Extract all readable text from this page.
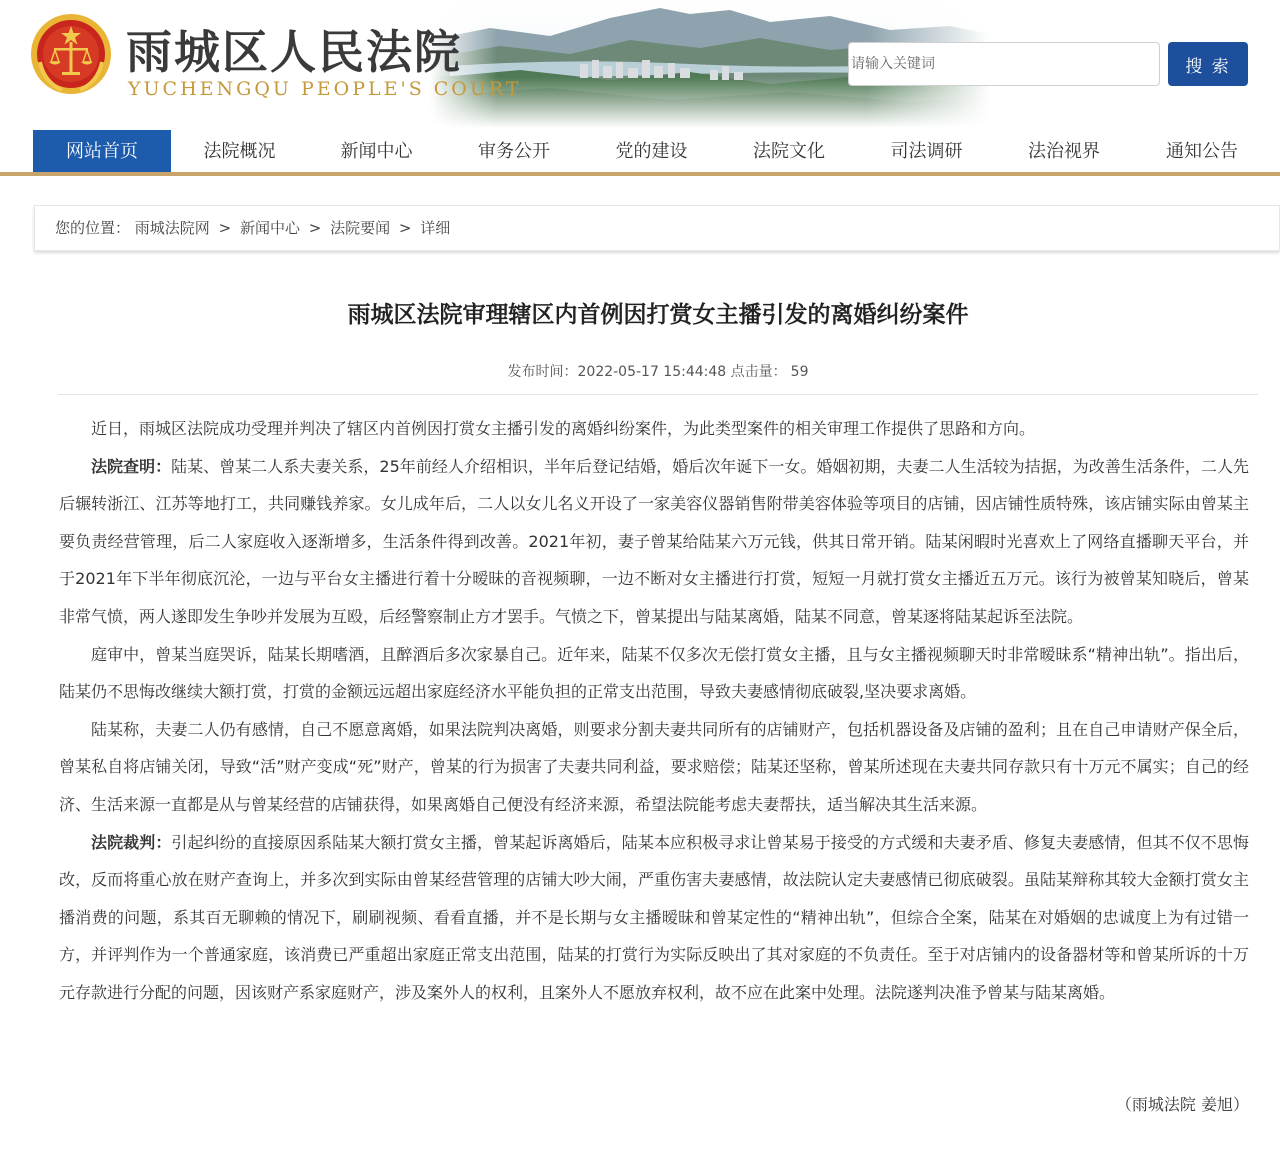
雨城区人民法院
YUCHENGQU PEOPLE'S COURT
请输入关键词
搜 索
网站首页	法院概况	新闻中心	审务公开	党的建设	法院文化	司法调研	法治视界	通知公告
您的位置： 雨城法院网 > 新闻中心 > 法院要闻 > 详细
雨城区法院审理辖区内首例因打赏女主播引发的离婚纠纷案件
发布时间：2022-05-17 15:44:48 点击量： 59

近日，雨城区法院成功受理并判决了辖区内首例因打赏女主播引发的离婚纠纷案件，为此类型案件的相关审理工作提供了思路和方向。

法院查明：陆某、曾某二人系夫妻关系，25年前经人介绍相识，半年后登记结婚，婚后次年诞下一女。婚姻初期，夫妻二人生活较为拮据，为改善生活条件，二人先后辗转浙江、江苏等地打工，共同赚钱养家。女儿成年后，二人以女儿名义开设了一家美容仪器销售附带美容体验等项目的店铺，因店铺性质特殊，该店铺实际由曾某主要负责经营管理，后二人家庭收入逐渐增多，生活条件得到改善。2021年初，妻子曾某给陆某六万元钱，供其日常开销。陆某闲暇时光喜欢上了网络直播聊天平台，并于2021年下半年彻底沉沦，一边与平台女主播进行着十分暧昧的音视频聊，一边不断对女主播进行打赏，短短一月就打赏女主播近五万元。该行为被曾某知晓后，曾某非常气愤，两人遂即发生争吵并发展为互殴，后经警察制止方才罢手。气愤之下，曾某提出与陆某离婚，陆某不同意，曾某逐将陆某起诉至法院。

庭审中，曾某当庭哭诉，陆某长期嗜酒，且醉酒后多次家暴自己。近年来，陆某不仅多次无偿打赏女主播，且与女主播视频聊天时非常暧昧系“精神出轨”。指出后，陆某仍不思悔改继续大额打赏，打赏的金额远远超出家庭经济水平能负担的正常支出范围，导致夫妻感情彻底破裂,坚决要求离婚。

陆某称，夫妻二人仍有感情，自己不愿意离婚，如果法院判决离婚，则要求分割夫妻共同所有的店铺财产，包括机器设备及店铺的盈利；且在自己申请财产保全后，曾某私自将店铺关闭，导致“活”财产变成“死”财产，曾某的行为损害了夫妻共同利益，要求赔偿；陆某还坚称，曾某所述现在夫妻共同存款只有十万元不属实；自己的经济、生活来源一直都是从与曾某经营的店铺获得，如果离婚自己便没有经济来源，希望法院能考虑夫妻帮扶，适当解决其生活来源。

法院裁判：引起纠纷的直接原因系陆某大额打赏女主播，曾某起诉离婚后，陆某本应积极寻求让曾某易于接受的方式缓和夫妻矛盾、修复夫妻感情，但其不仅不思悔改，反而将重心放在财产查询上，并多次到实际由曾某经营管理的店铺大吵大闹，严重伤害夫妻感情，故法院认定夫妻感情已彻底破裂。虽陆某辩称其较大金额打赏女主播消费的问题，系其百无聊赖的情况下，刷刷视频、看看直播，并不是长期与女主播暧昧和曾某定性的“精神出轨”，但综合全案，陆某在对婚姻的忠诚度上为有过错一方，并评判作为一个普通家庭，该消费已严重超出家庭正常支出范围，陆某的打赏行为实际反映出了其对家庭的不负责任。至于对店铺内的设备器材等和曾某所诉的十万元存款进行分配的问题，因该财产系家庭财产，涉及案外人的权利，且案外人不愿放弃权利，故不应在此案中处理。法院遂判决准予曾某与陆某离婚。

（雨城法院 姜旭）
